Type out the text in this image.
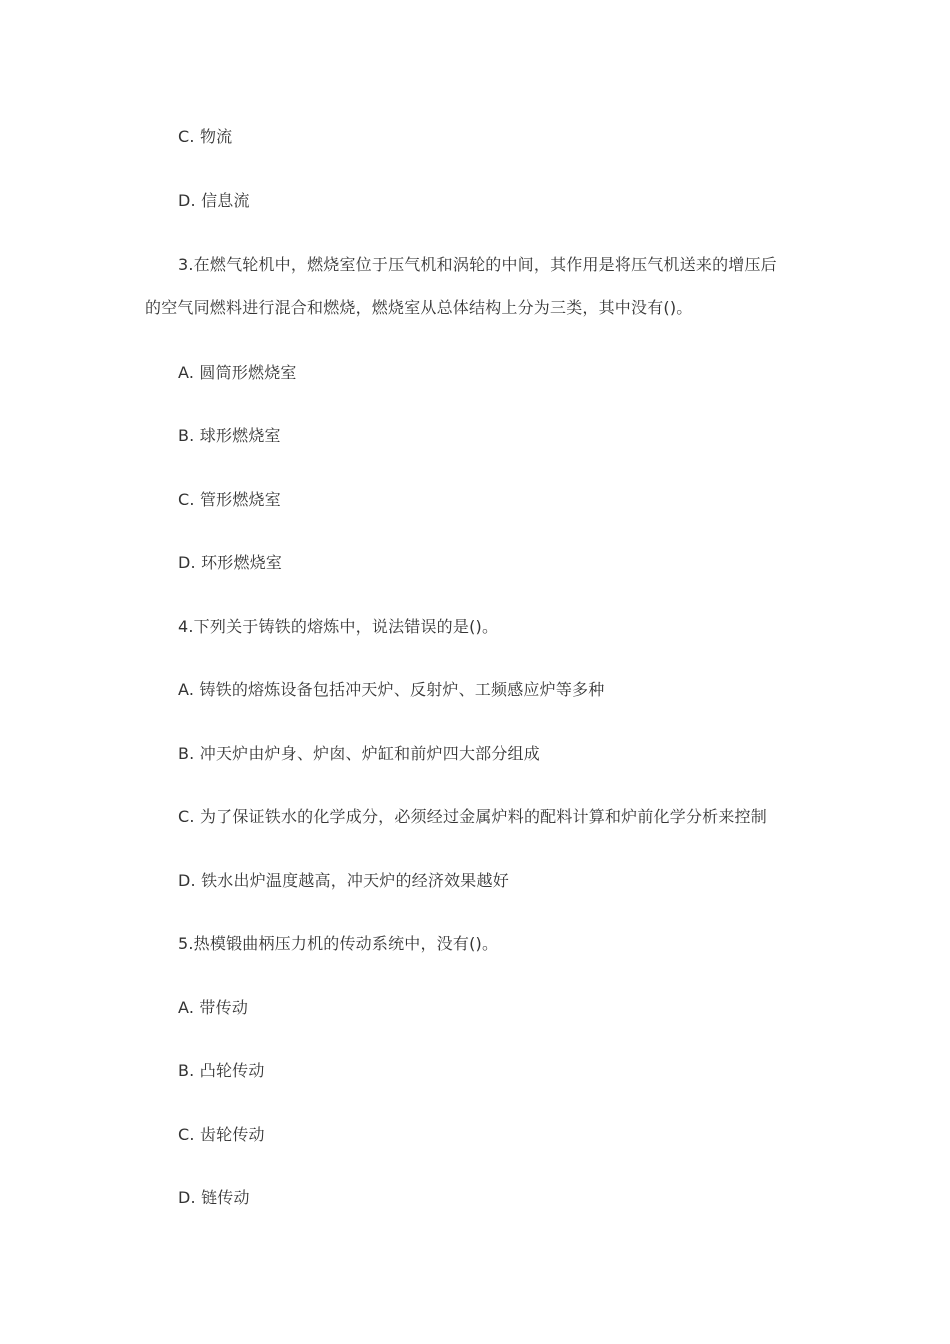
C. 物流
D. 信息流
3.在燃气轮机中，燃烧室位于压气机和涡轮的中间，其作用是将压气机送来的增压后
的空气同燃料进行混合和燃烧，燃烧室从总体结构上分为三类，其中没有()。
A. 圆筒形燃烧室
B. 球形燃烧室
C. 管形燃烧室
D. 环形燃烧室
4.下列关于铸铁的熔炼中，说法错误的是()。
A. 铸铁的熔炼设备包括冲天炉、反射炉、工频感应炉等多种
B. 冲天炉由炉身、炉囱、炉缸和前炉四大部分组成
C. 为了保证铁水的化学成分，必须经过金属炉料的配料计算和炉前化学分析来控制
D. 铁水出炉温度越高，冲天炉的经济效果越好
5.热模锻曲柄压力机的传动系统中，没有()。
A. 带传动
B. 凸轮传动
C. 齿轮传动
D. 链传动
